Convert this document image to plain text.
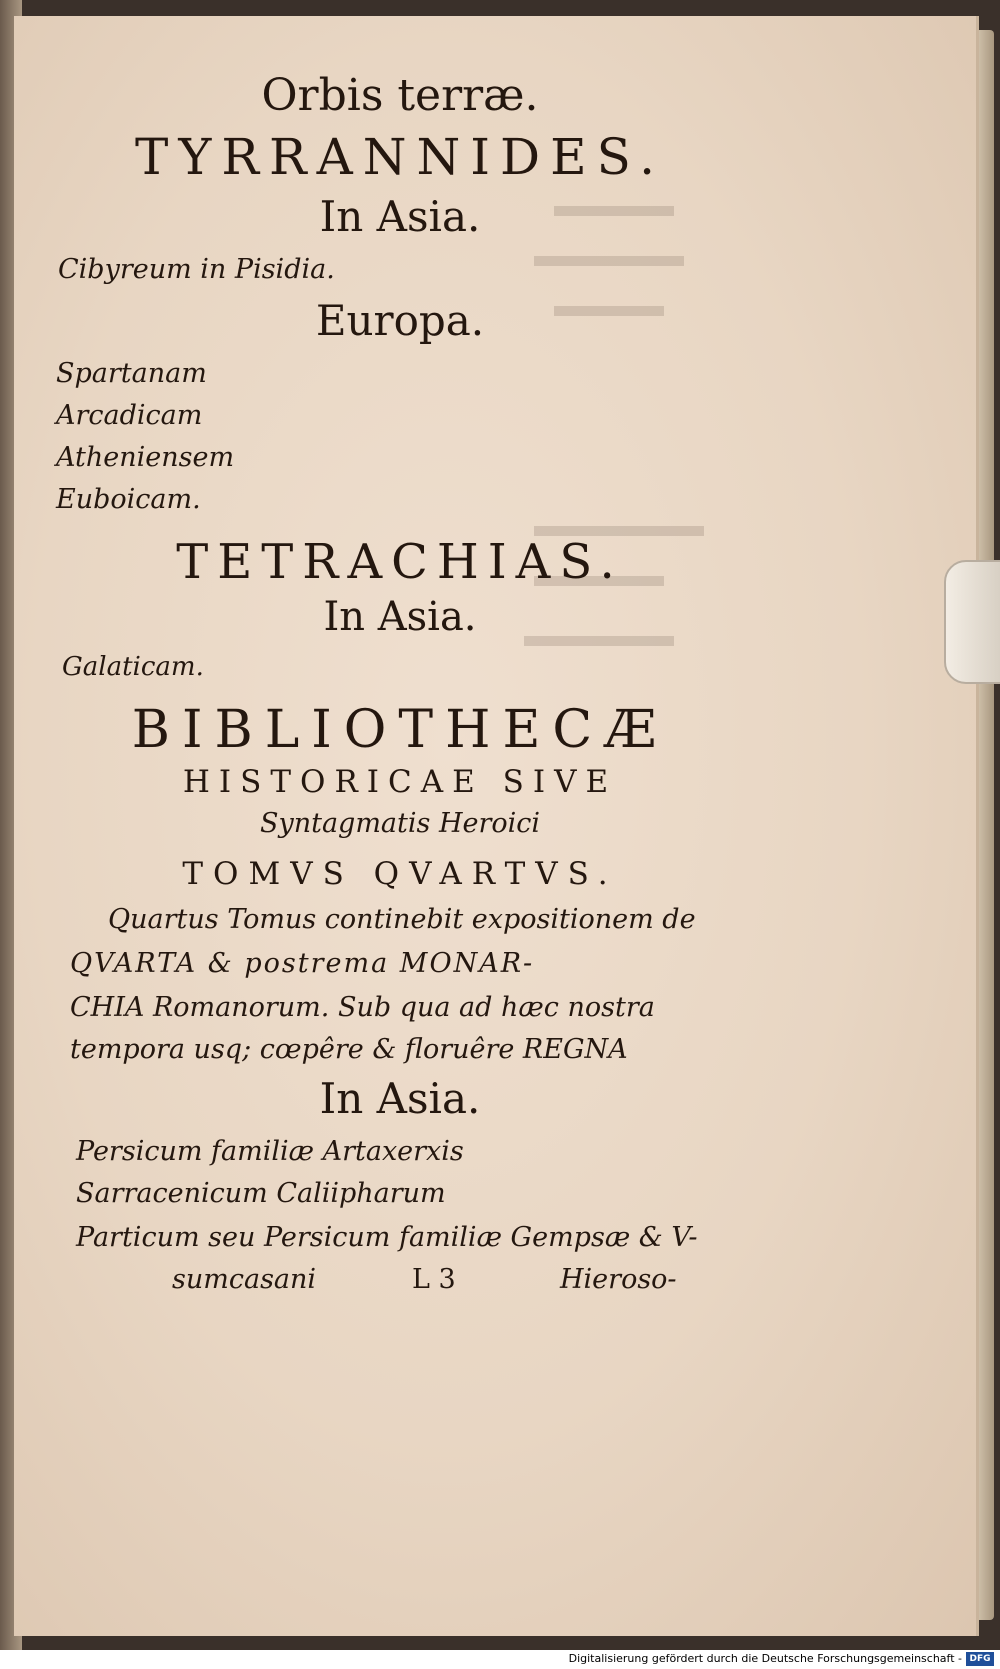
Orbis terræ.
TYRRANNIDES.
In Asia.
Cibyreum in Pisidia.
Europa.
Spartanam
Arcadicam
Atheniensem
Euboicam.
TETRACHIAS.
In Asia.
Galaticam.
BIBLIOTHECÆ
HISTORICAE SIVE
Syntagmatis Heroici
TOMVS QVARTVS.
Quartus Tomus continebit expositionem de
QVARTA & postrema MONAR-
CHIA Romanorum. Sub qua ad hæc nostra
tempora usq; cœpêre & floruêre REGNA
In Asia.
Persicum familiæ Artaxerxis
Sarracenicum Caliipharum
Particum seu Persicum familiæ Gempsæ & V-
sumcasani	L 3	Hieroso-
Digitalisierung gefördert durch die Deutsche Forschungsgemeinschaft - DFG
